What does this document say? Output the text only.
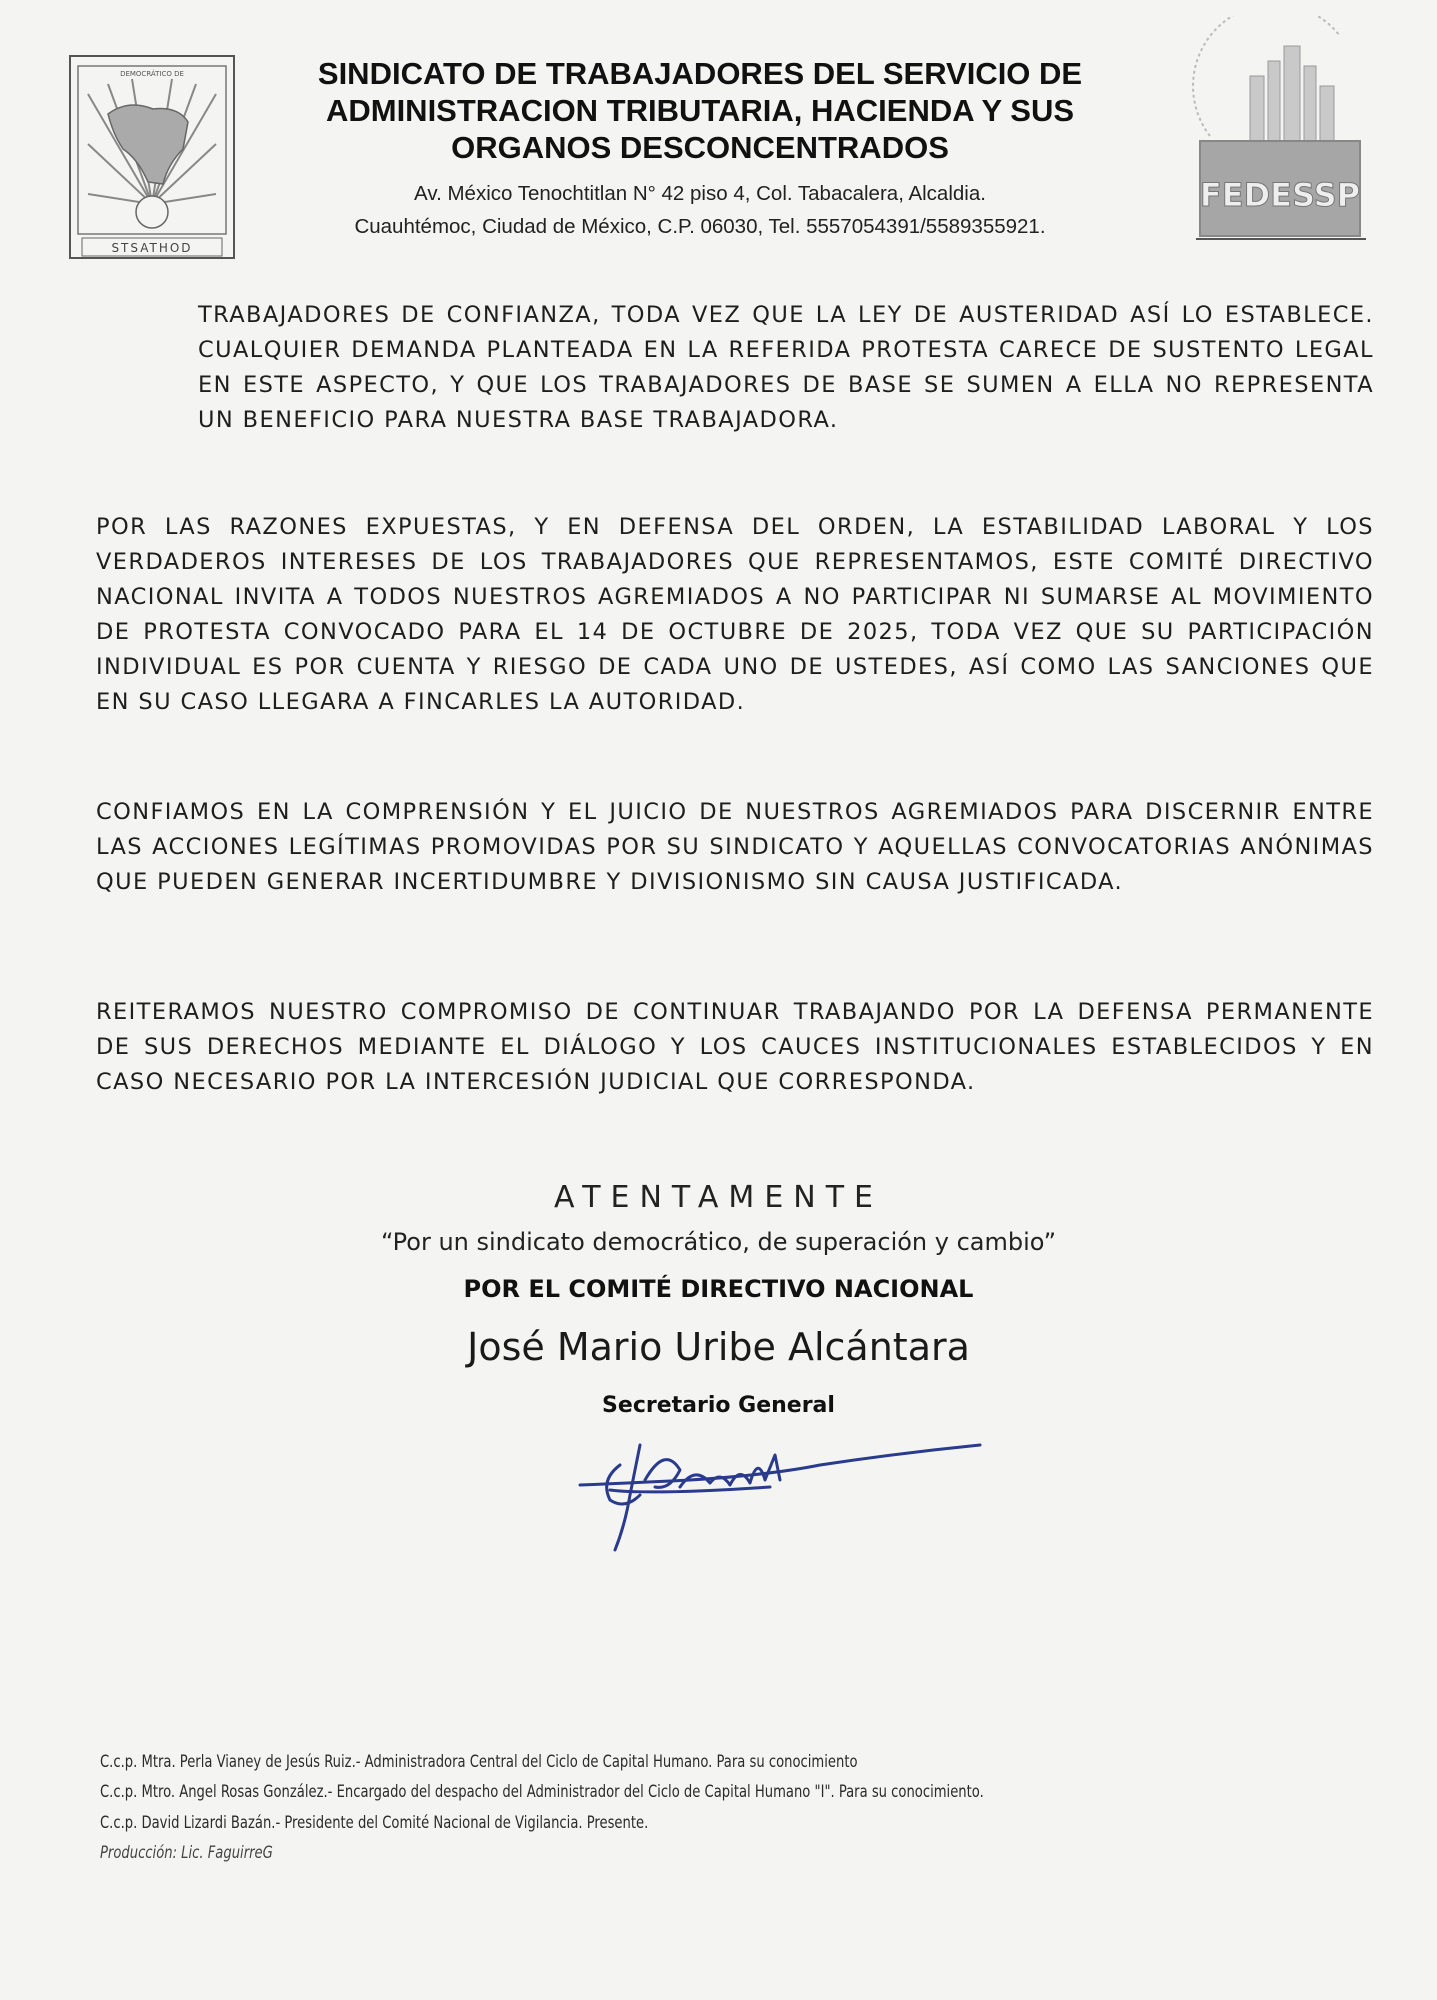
STSATHOD
DEMOCRÁTICO DE	SINDICATO DE TRABAJADORES DEL SERVICIO DE
ADMINISTRACION TRIBUTARIA, HACIENDA Y SUS
ORGANOS DESCONCENTRADOS
Av. México Tenochtitlan N° 42 piso 4, Col. Tabacalera, Alcaldia.
Cuauhtémoc, Ciudad de México, C.P. 06030, Tel. 5557054391/5589355921.
FEDESSP
TRABAJADORES DE CONFIANZA, TODA VEZ QUE LA LEY DE AUSTERIDAD ASÍ LO ESTABLECE. CUALQUIER DEMANDA PLANTEADA EN LA REFERIDA PROTESTA CARECE DE SUSTENTO LEGAL EN ESTE ASPECTO, Y QUE LOS TRABAJADORES DE BASE SE SUMEN A ELLA NO REPRESENTA UN BENEFICIO PARA NUESTRA BASE TRABAJADORA.
POR LAS RAZONES EXPUESTAS, Y EN DEFENSA DEL ORDEN, LA ESTABILIDAD LABORAL Y LOS VERDADEROS INTERESES DE LOS TRABAJADORES QUE REPRESENTAMOS, ESTE COMITÉ DIRECTIVO NACIONAL INVITA A TODOS NUESTROS AGREMIADOS A NO PARTICIPAR NI SUMARSE AL MOVIMIENTO DE PROTESTA CONVOCADO PARA EL 14 DE OCTUBRE DE 2025, TODA VEZ QUE SU PARTICIPACIÓN INDIVIDUAL ES POR CUENTA Y RIESGO DE CADA UNO DE USTEDES, ASÍ COMO LAS SANCIONES QUE EN SU CASO LLEGARA A FINCARLES LA AUTORIDAD.
CONFIAMOS EN LA COMPRENSIÓN Y EL JUICIO DE NUESTROS AGREMIADOS PARA DISCERNIR ENTRE LAS ACCIONES LEGÍTIMAS PROMOVIDAS POR SU SINDICATO Y AQUELLAS CONVOCATORIAS ANÓNIMAS QUE PUEDEN GENERAR INCERTIDUMBRE Y DIVISIONISMO SIN CAUSA JUSTIFICADA.
REITERAMOS NUESTRO COMPROMISO DE CONTINUAR TRABAJANDO POR LA DEFENSA PERMANENTE DE SUS DERECHOS MEDIANTE EL DIÁLOGO Y LOS CAUCES INSTITUCIONALES ESTABLECIDOS Y EN CASO NECESARIO POR LA INTERCESIÓN JUDICIAL QUE CORRESPONDA.
ATENTAMENTE
“Por un sindicato democrático, de superación y cambio”
POR EL COMITÉ DIRECTIVO NACIONAL
José Mario Uribe Alcántara
Secretario General
C.c.p. Mtra. Perla Vianey de Jesús Ruiz.- Administradora Central del Ciclo de Capital Humano. Para su conocimiento
C.c.p. Mtro. Angel Rosas González.- Encargado del despacho del Administrador del Ciclo de Capital Humano "I". Para su conocimiento.
C.c.p. David Lizardi Bazán.- Presidente del Comité Nacional de Vigilancia. Presente.
Producción: Lic. FaguirreG
